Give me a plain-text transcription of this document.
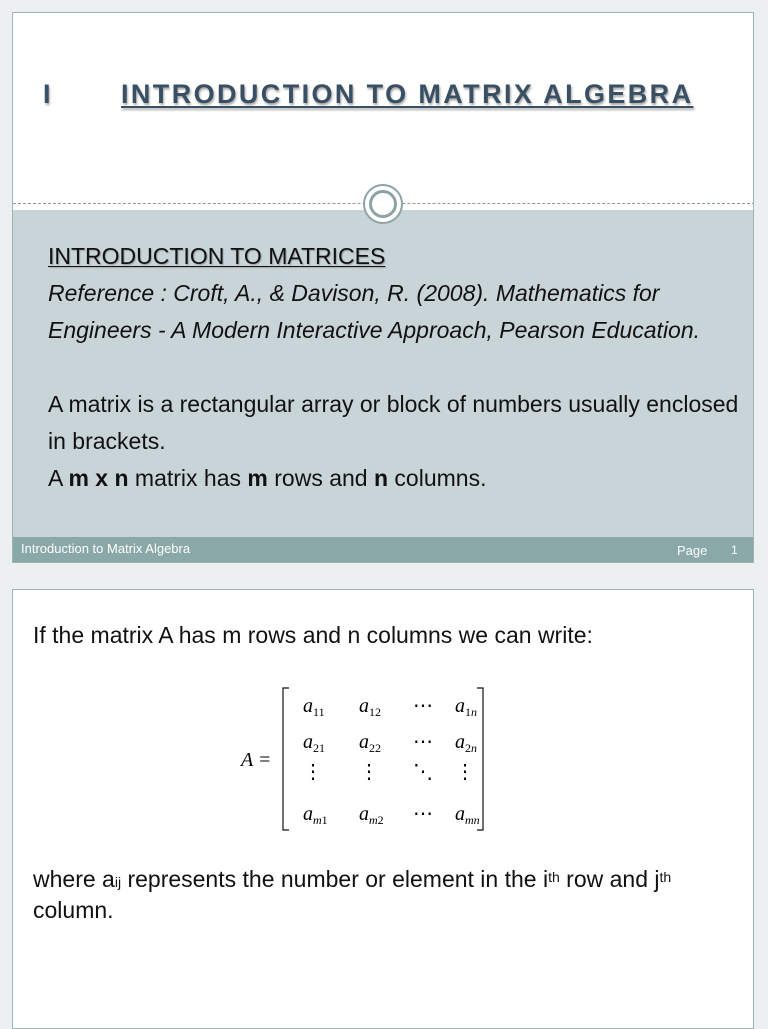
I	INTRODUCTION TO MATRIX ALGEBRA
INTRODUCTION TO MATRICES

Reference : Croft, A., & Davison, R. (2008). Mathematics for Engineers - A Modern Interactive Approach, Pearson Education.

A matrix is a rectangular array or block of numbers usually enclosed in brackets.

A m x n matrix has m rows and n columns.

Introduction to Matrix Algebra	Page 1
If the matrix A has m rows and n columns we can write:
A =
$a_11$ $a_12$ ⋯ $a_1n$
$a_21$ $a_22$ ⋯ $a_2n$
⋮ ⋮ ⋱ ⋮
$a_m1$ $a_m2$ ⋯ $a_mn$
where $a_{ij}$ represents the number or element in the $i^{th}$ row and $j^{th}$ column.
